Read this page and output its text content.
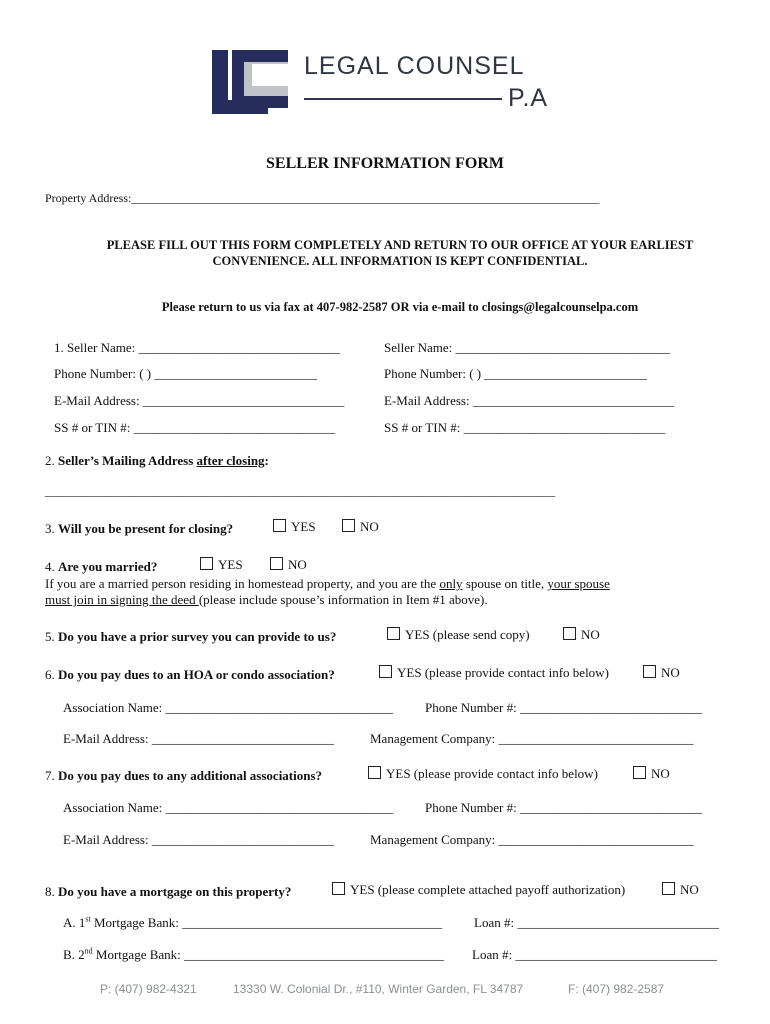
LEGAL COUNSEL
P.A
SELLER INFORMATION FORM
Property Address:______________________________________________________________________________
PLEASE FILL OUT THIS FORM COMPLETELY AND RETURN TO OUR OFFICE AT YOUR EARLIEST
CONVENIENCE. ALL INFORMATION IS KEPT CONFIDENTIAL.
Please return to us via fax at 407-982-2587 OR via e-mail to closings@legalcounselpa.com
1. Seller Name: _______________________________	Seller Name: _________________________________
Phone Number: ( ) _________________________	Phone Number: ( ) _________________________
E-Mail Address: _______________________________	E-Mail Address: _______________________________
SS # or TIN #: _______________________________	SS # or TIN #: _______________________________
2. Seller’s Mailing Address after closing:
_____________________________________________________________________________________
3. Will you be present for closing?	YES	NO
4. Are you married?	YES	NO
If you are a married person residing in homestead property, and you are the only spouse on title, your spouse
must join in signing the deed (please include spouse’s information in Item #1 above).
5. Do you have a prior survey you can provide to us?	YES (please send copy)	NO
6. Do you pay dues to an HOA or condo association?	YES (please provide contact info below)	NO
Association Name: ___________________________________ Phone Number #: ____________________________
E-Mail Address: ____________________________	Management Company: ______________________________
7. Do you pay dues to any additional associations?	YES (please provide contact info below)	NO
Association Name: ___________________________________ Phone Number #: ____________________________
E-Mail Address: ____________________________	Management Company: ______________________________
8. Do you have a mortgage on this property?	YES (please complete attached payoff authorization)	NO
A. 1st Mortgage Bank: ________________________________________ Loan #: _______________________________
B. 2nd Mortgage Bank: ________________________________________ Loan #: _______________________________
P: (407) 982-4321	13330 W. Colonial Dr., #110, Winter Garden, FL 34787	F: (407) 982-2587
